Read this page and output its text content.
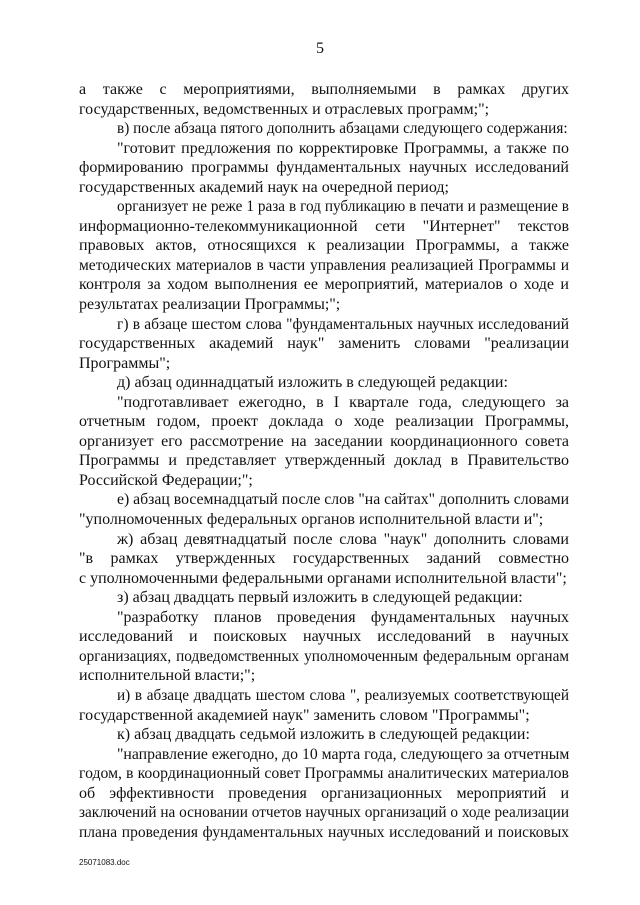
5
а также с мероприятиями, выполняемыми в рамках других
государственных, ведомственных и отраслевых программ;";
в) после абзаца пятого дополнить абзацами следующего содержания:
"готовит предложения по корректировке Программы, а также по
формированию программы фундаментальных научных исследований
государственных академий наук на очередной период;
организует не реже 1 раза в год публикацию в печати и размещение в
информационно-телекоммуникационной сети "Интернет" текстов
правовых актов, относящихся к реализации Программы, а также
методических материалов в части управления реализацией Программы и
контроля за ходом выполнения ее мероприятий, материалов о ходе и
результатах реализации Программы;";
г) в абзаце шестом слова "фундаментальных научных исследований
государственных академий наук" заменить словами "реализации
Программы";
д) абзац одиннадцатый изложить в следующей редакции:
"подготавливает ежегодно, в I квартале года, следующего за
отчетным годом, проект доклада о ходе реализации Программы,
организует его рассмотрение на заседании координационного совета
Программы и представляет утвержденный доклад в Правительство
Российской Федерации;";
е) абзац восемнадцатый после слов "на сайтах" дополнить словами
"уполномоченных федеральных органов исполнительной власти и";
ж) абзац девятнадцатый после слова "наук" дополнить словами
"в рамках утвержденных государственных заданий совместно
с уполномоченными федеральными органами исполнительной власти";
з) абзац двадцать первый изложить в следующей редакции:
"разработку планов проведения фундаментальных научных
исследований и поисковых научных исследований в научных
организациях, подведомственных уполномоченным федеральным органам
исполнительной власти;";
и) в абзаце двадцать шестом слова ", реализуемых соответствующей
государственной академией наук" заменить словом "Программы";
к) абзац двадцать седьмой изложить в следующей редакции:
"направление ежегодно, до 10 марта года, следующего за отчетным
годом, в координационный совет Программы аналитических материалов
об эффективности проведения организационных мероприятий и
заключений на основании отчетов научных организаций о ходе реализации
плана проведения фундаментальных научных исследований и поисковых
25071083.doc
